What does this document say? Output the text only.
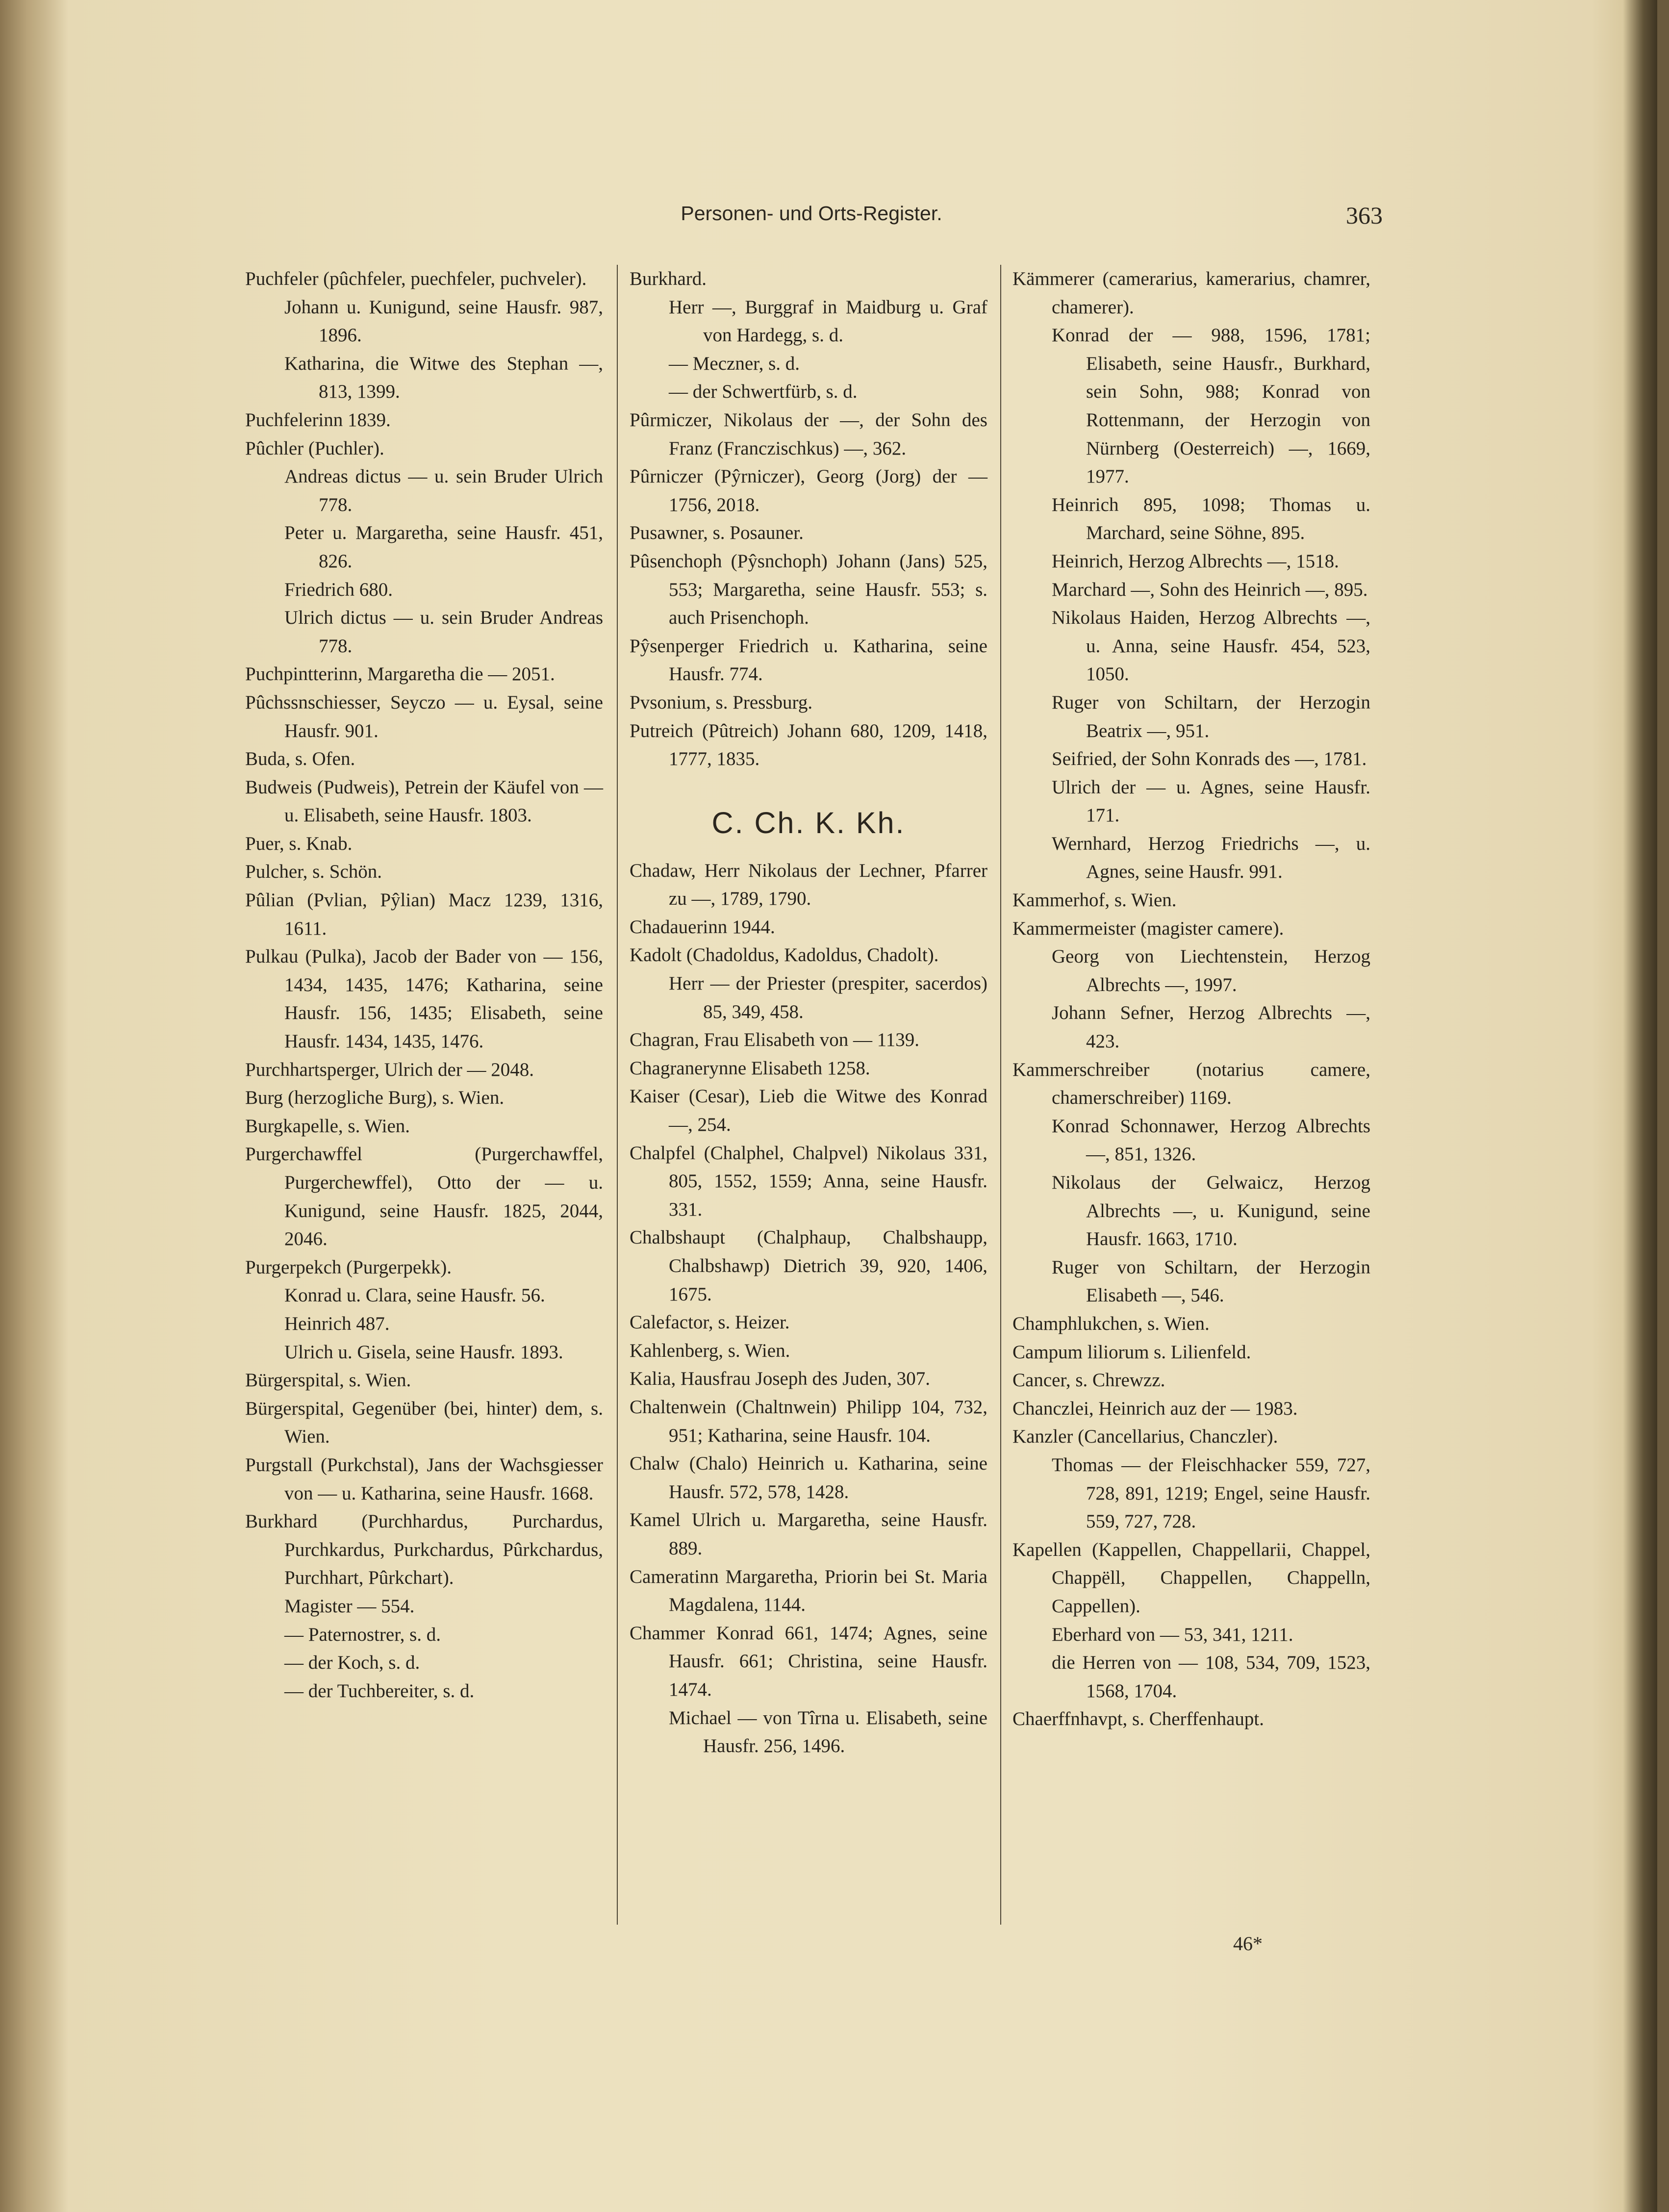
Personen- und Orts-Register.	363
Puchfeler (pûchfeler, puechfeler, puchveler).
Johann u. Kunigund, seine Hausfr. 987, 1896.
Katharina, die Witwe des Stephan —, 813, 1399.
Puchfelerinn 1839.
Pûchler (Puchler).
Andreas dictus — u. sein Bruder Ulrich 778.
Peter u. Margaretha, seine Hausfr. 451, 826.
Friedrich 680.
Ulrich dictus — u. sein Bruder Andreas 778.
Puchpintterinn, Margaretha die — 2051.
Pûchssnschiesser, Seyczo — u. Eysal, seine Hausfr. 901.
Buda, s. Ofen.
Budweis (Pudweis), Petrein der Käufel von — u. Elisabeth, seine Hausfr. 1803.
Puer, s. Knab.
Pulcher, s. Schön.
Pûlian (Pvlian, Pŷlian) Macz 1239, 1316, 1611.
Pulkau (Pulka), Jacob der Bader von — 156, 1434, 1435, 1476; Katharina, seine Hausfr. 156, 1435; Elisabeth, seine Hausfr. 1434, 1435, 1476.
Purchhartsperger, Ulrich der — 2048.
Burg (herzogliche Burg), s. Wien.
Burgkapelle, s. Wien.
Purgerchawffel (Purgerchawffel, Purgerchewffel), Otto der — u. Kunigund, seine Hausfr. 1825, 2044, 2046.
Purgerpekch (Purgerpekk).
Konrad u. Clara, seine Hausfr. 56.
Heinrich 487.
Ulrich u. Gisela, seine Hausfr. 1893.
Bürgerspital, s. Wien.
Bürgerspital, Gegenüber (bei, hinter) dem, s. Wien.
Purgstall (Purkchstal), Jans der Wachsgiesser von — u. Katharina, seine Hausfr. 1668.
Burkhard (Purchhardus, Purchardus, Purchkardus, Purkchardus, Pûrkchardus, Purchhart, Pûrkchart).
Magister — 554.
— Paternostrer, s. d.
— der Koch, s. d.
— der Tuchbereiter, s. d.
Burkhard.
Herr —, Burggraf in Maidburg u. Graf von Hardegg, s. d.
— Meczner, s. d.
— der Schwertfürb, s. d.
Pûrmiczer, Nikolaus der —, der Sohn des Franz (Franczischkus) —, 362.
Pûrniczer (Pŷrniczer), Georg (Jorg) der — 1756, 2018.
Pusawner, s. Posauner.
Pûsenchoph (Pŷsnchoph) Johann (Jans) 525, 553; Margaretha, seine Hausfr. 553; s. auch Prisenchoph.
Pŷsenperger Friedrich u. Katharina, seine Hausfr. 774.
Pvsonium, s. Pressburg.
Putreich (Pûtreich) Johann 680, 1209, 1418, 1777, 1835.
C. Ch. K. Kh.
Chadaw, Herr Nikolaus der Lechner, Pfarrer zu —, 1789, 1790.
Chadauerinn 1944.
Kadolt (Chadoldus, Kadoldus, Chadolt).
Herr — der Priester (prespiter, sacerdos) 85, 349, 458.
Chagran, Frau Elisabeth von — 1139.
Chagranerynne Elisabeth 1258.
Kaiser (Cesar), Lieb die Witwe des Konrad —, 254.
Chalpfel (Chalphel, Chalpvel) Nikolaus 331, 805, 1552, 1559; Anna, seine Hausfr. 331.
Chalbshaupt (Chalphaup, Chalbshaupp, Chalbshawp) Dietrich 39, 920, 1406, 1675.
Calefactor, s. Heizer.
Kahlenberg, s. Wien.
Kalia, Hausfrau Joseph des Juden, 307.
Chaltenwein (Chaltnwein) Philipp 104, 732, 951; Katharina, seine Hausfr. 104.
Chalw (Chalo) Heinrich u. Katharina, seine Hausfr. 572, 578, 1428.
Kamel Ulrich u. Margaretha, seine Hausfr. 889.
Cameratinn Margaretha, Priorin bei St. Maria Magdalena, 1144.
Chammer Konrad 661, 1474; Agnes, seine Hausfr. 661; Christina, seine Hausfr. 1474.
Michael — von Tîrna u. Elisabeth, seine Hausfr. 256, 1496.
Kämmerer (camerarius, kamerarius, chamrer, chamerer).
Konrad der — 988, 1596, 1781; Elisabeth, seine Hausfr., Burkhard, sein Sohn, 988; Konrad von Rottenmann, der Herzogin von Nürnberg (Oesterreich) —, 1669, 1977.
Heinrich 895, 1098; Thomas u. Marchard, seine Söhne, 895.
Heinrich, Herzog Albrechts —, 1518.
Marchard —, Sohn des Heinrich —, 895.
Nikolaus Haiden, Herzog Albrechts —, u. Anna, seine Hausfr. 454, 523, 1050.
Ruger von Schiltarn, der Herzogin Beatrix —, 951.
Seifried, der Sohn Konrads des —, 1781.
Ulrich der — u. Agnes, seine Hausfr. 171.
Wernhard, Herzog Friedrichs —, u. Agnes, seine Hausfr. 991.
Kammerhof, s. Wien.
Kammermeister (magister camere).
Georg von Liechtenstein, Herzog Albrechts —, 1997.
Johann Sefner, Herzog Albrechts —, 423.
Kammerschreiber (notarius camere, chamerschreiber) 1169.
Konrad Schonnawer, Herzog Albrechts —, 851, 1326.
Nikolaus der Gelwaicz, Herzog Albrechts —, u. Kunigund, seine Hausfr. 1663, 1710.
Ruger von Schiltarn, der Herzogin Elisabeth —, 546.
Champhlukchen, s. Wien.
Campum liliorum s. Lilienfeld.
Cancer, s. Chrewzz.
Chanczlei, Heinrich auz der — 1983.
Kanzler (Cancellarius, Chanczler).
Thomas — der Fleischhacker 559, 727, 728, 891, 1219; Engel, seine Hausfr. 559, 727, 728.
Kapellen (Kappellen, Chappellarii, Chappel, Chappëll, Chappellen, Chappelln, Cappellen).
Eberhard von — 53, 341, 1211.
die Herren von — 108, 534, 709, 1523, 1568, 1704.
Chaerffnhavpt, s. Cherffenhaupt.
46*
